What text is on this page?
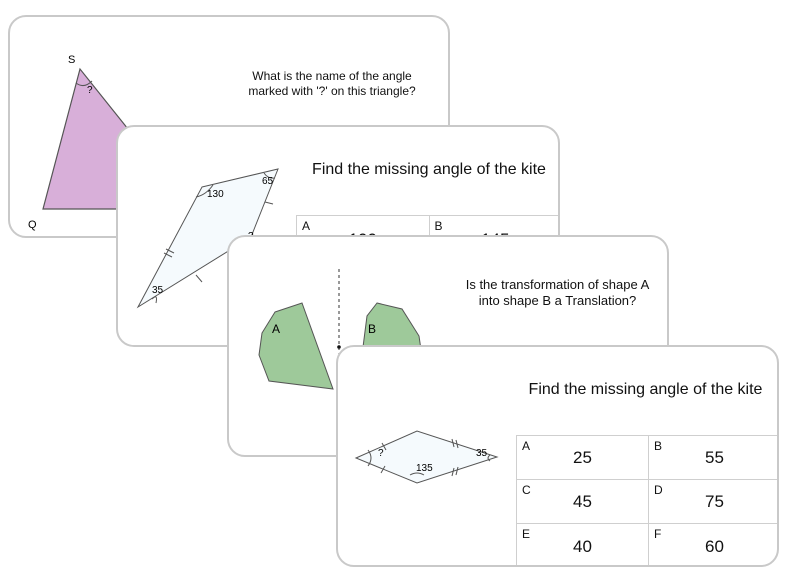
S
Q
?
What is the name of the angle marked with '?' on this triangle?
130
65
35
Find the missing angle of the kite
A	B
A	B
Is the transformation of shape A into shape B a Translation?
?
135
35
Find the missing angle of the kite
A
25
B
55
C
45
D
75
E
40
F
60
